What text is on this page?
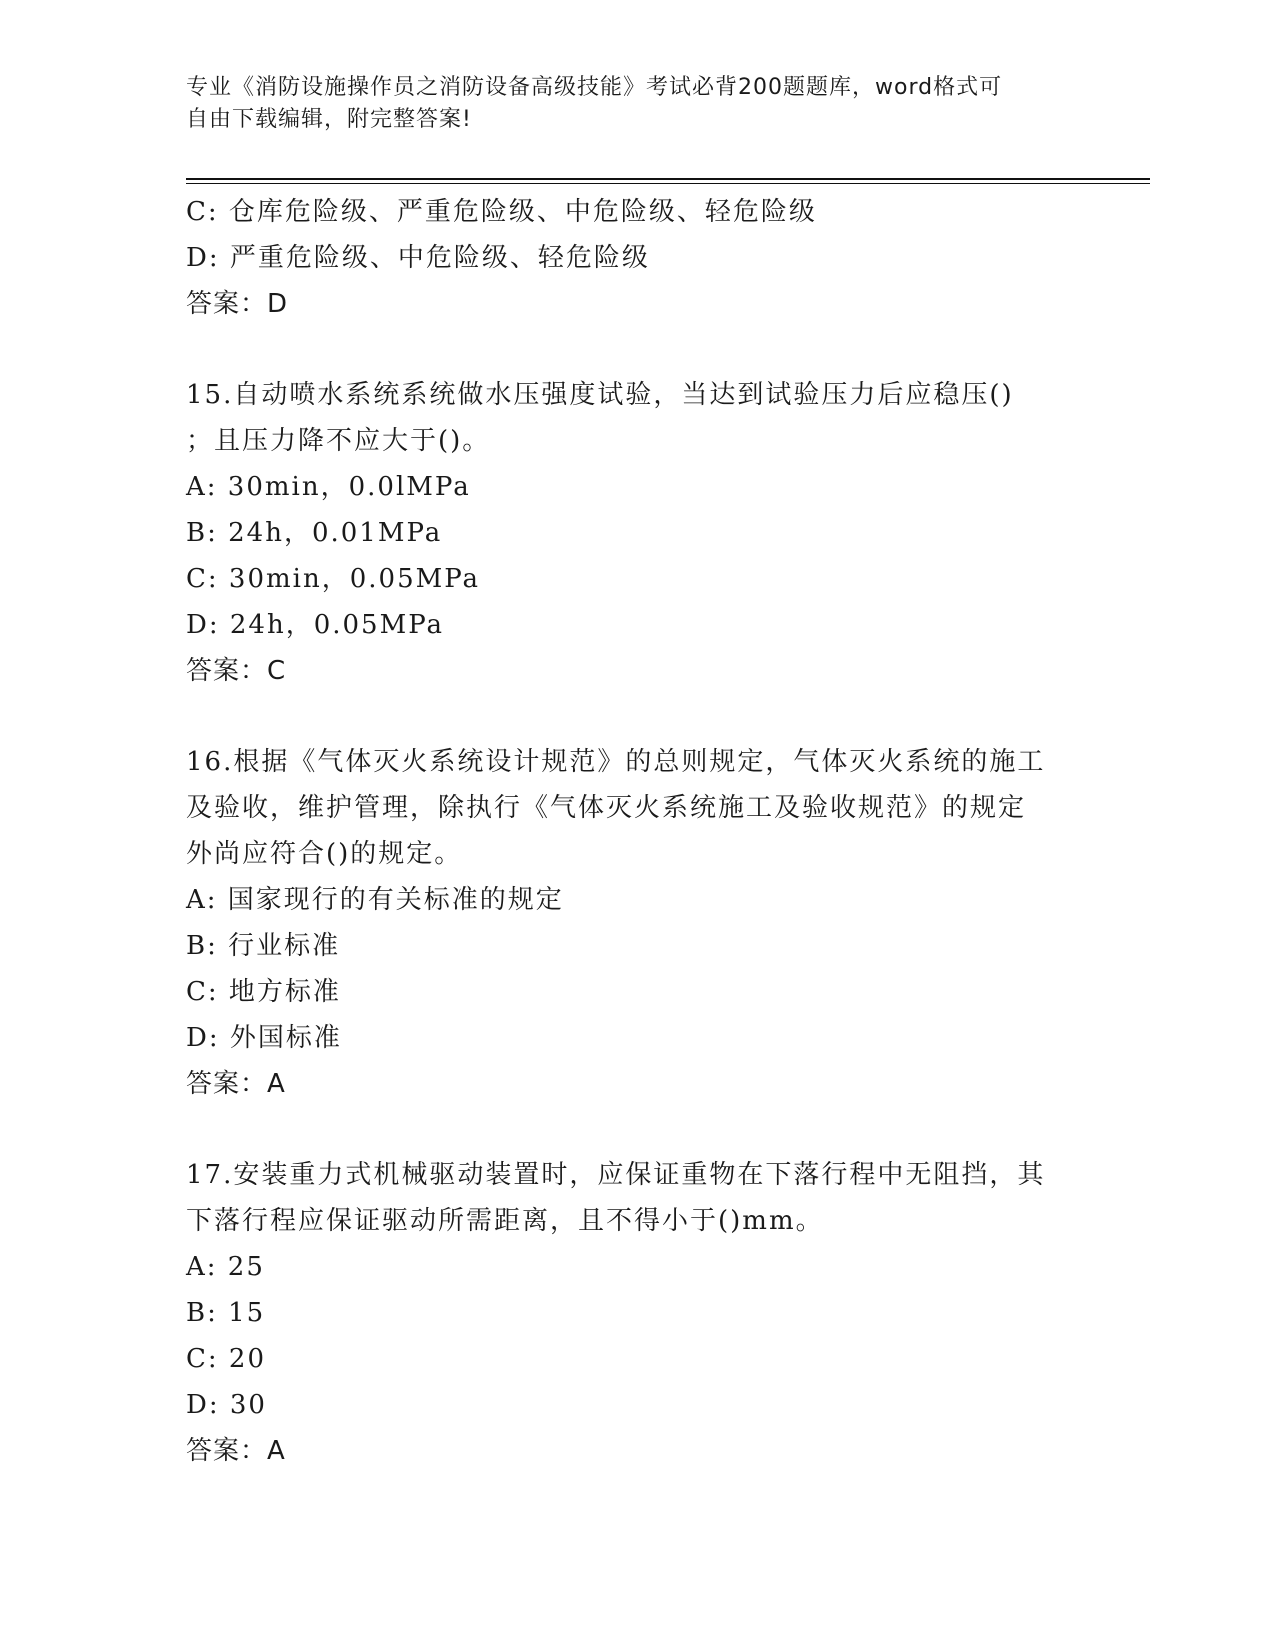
专业《消防设施操作员之消防设备高级技能》考试必背200题题库，word格式可
自由下载编辑，附完整答案!
C: 仓库危险级、严重危险级、中危险级、轻危险级
D: 严重危险级、中危险级、轻危险级
答案：D
15.自动喷水系统系统做水压强度试验，当达到试验压力后应稳压()
；且压力降不应大于()。
A: 30min，0.0lMPa
B: 24h，0.01MPa
C: 30min，0.05MPa
D: 24h，0.05MPa
答案：C
16.根据《气体灭火系统设计规范》的总则规定，气体灭火系统的施工
及验收，维护管理，除执行《气体灭火系统施工及验收规范》的规定
外尚应符合()的规定。
A: 国家现行的有关标准的规定
B: 行业标准
C: 地方标准
D: 外国标准
答案：A
17.安装重力式机械驱动装置时，应保证重物在下落行程中无阻挡，其
下落行程应保证驱动所需距离，且不得小于()mm。
A: 25
B: 15
C: 20
D: 30
答案：A
